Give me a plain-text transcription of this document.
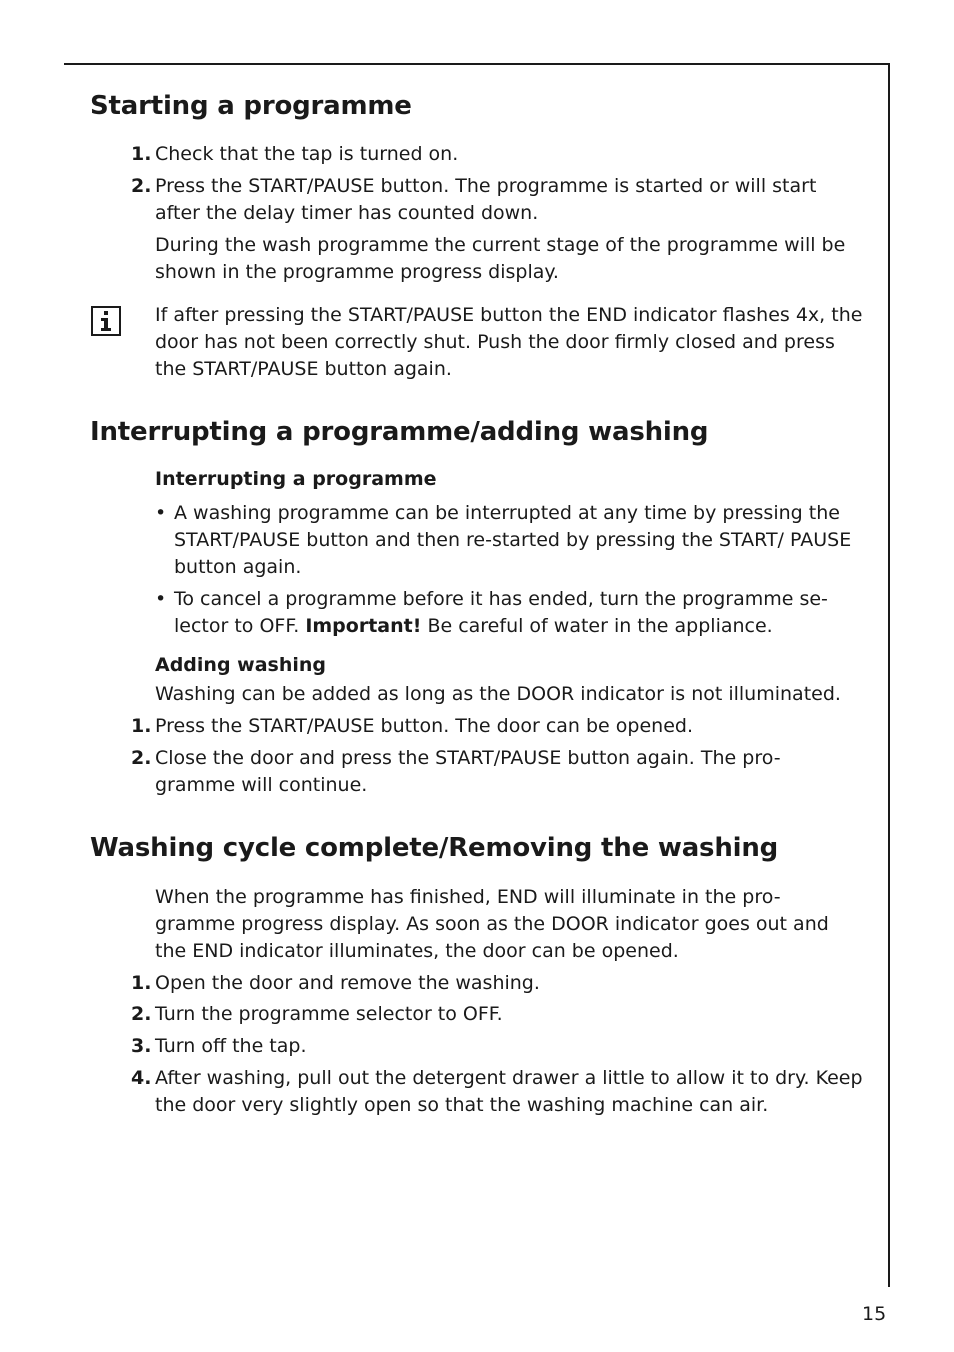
Starting a programme
1. Check that the tap is turned on.

2. Press the START/PAUSE button. The programme is started or will start after the delay timer has counted down.

During the wash programme the current stage of the programme will be shown in the programme progress display.

If after pressing the START/PAUSE button the END indicator flashes 4x, the door has not been correctly shut. Push the door firmly closed and press the START/PAUSE button again.

Interrupting a programme/adding washing
Interrupting a programme
• A washing programme can be interrupted at any time by pressing the START/PAUSE button and then re-started by pressing the START/ PAUSE button again.

• To cancel a programme before it has ended, turn the programme se- lector to OFF. Important! Be careful of water in the appliance.

Adding washing

Washing can be added as long as the DOOR indicator is not illuminated.

1. Press the START/PAUSE button. The door can be opened.

2. Close the door and press the START/PAUSE button again. The pro- gramme will continue.

Washing cycle complete/Removing the washing

When the programme has finished, END will illuminate in the pro- gramme progress display. As soon as the DOOR indicator goes out and the END indicator illuminates, the door can be opened.

1. Open the door and remove the washing.

2. Turn the programme selector to OFF.

3. Turn off the tap.

4. After washing, pull out the detergent drawer a little to allow it to dry. Keep the door very slightly open so that the washing machine can air.

15
